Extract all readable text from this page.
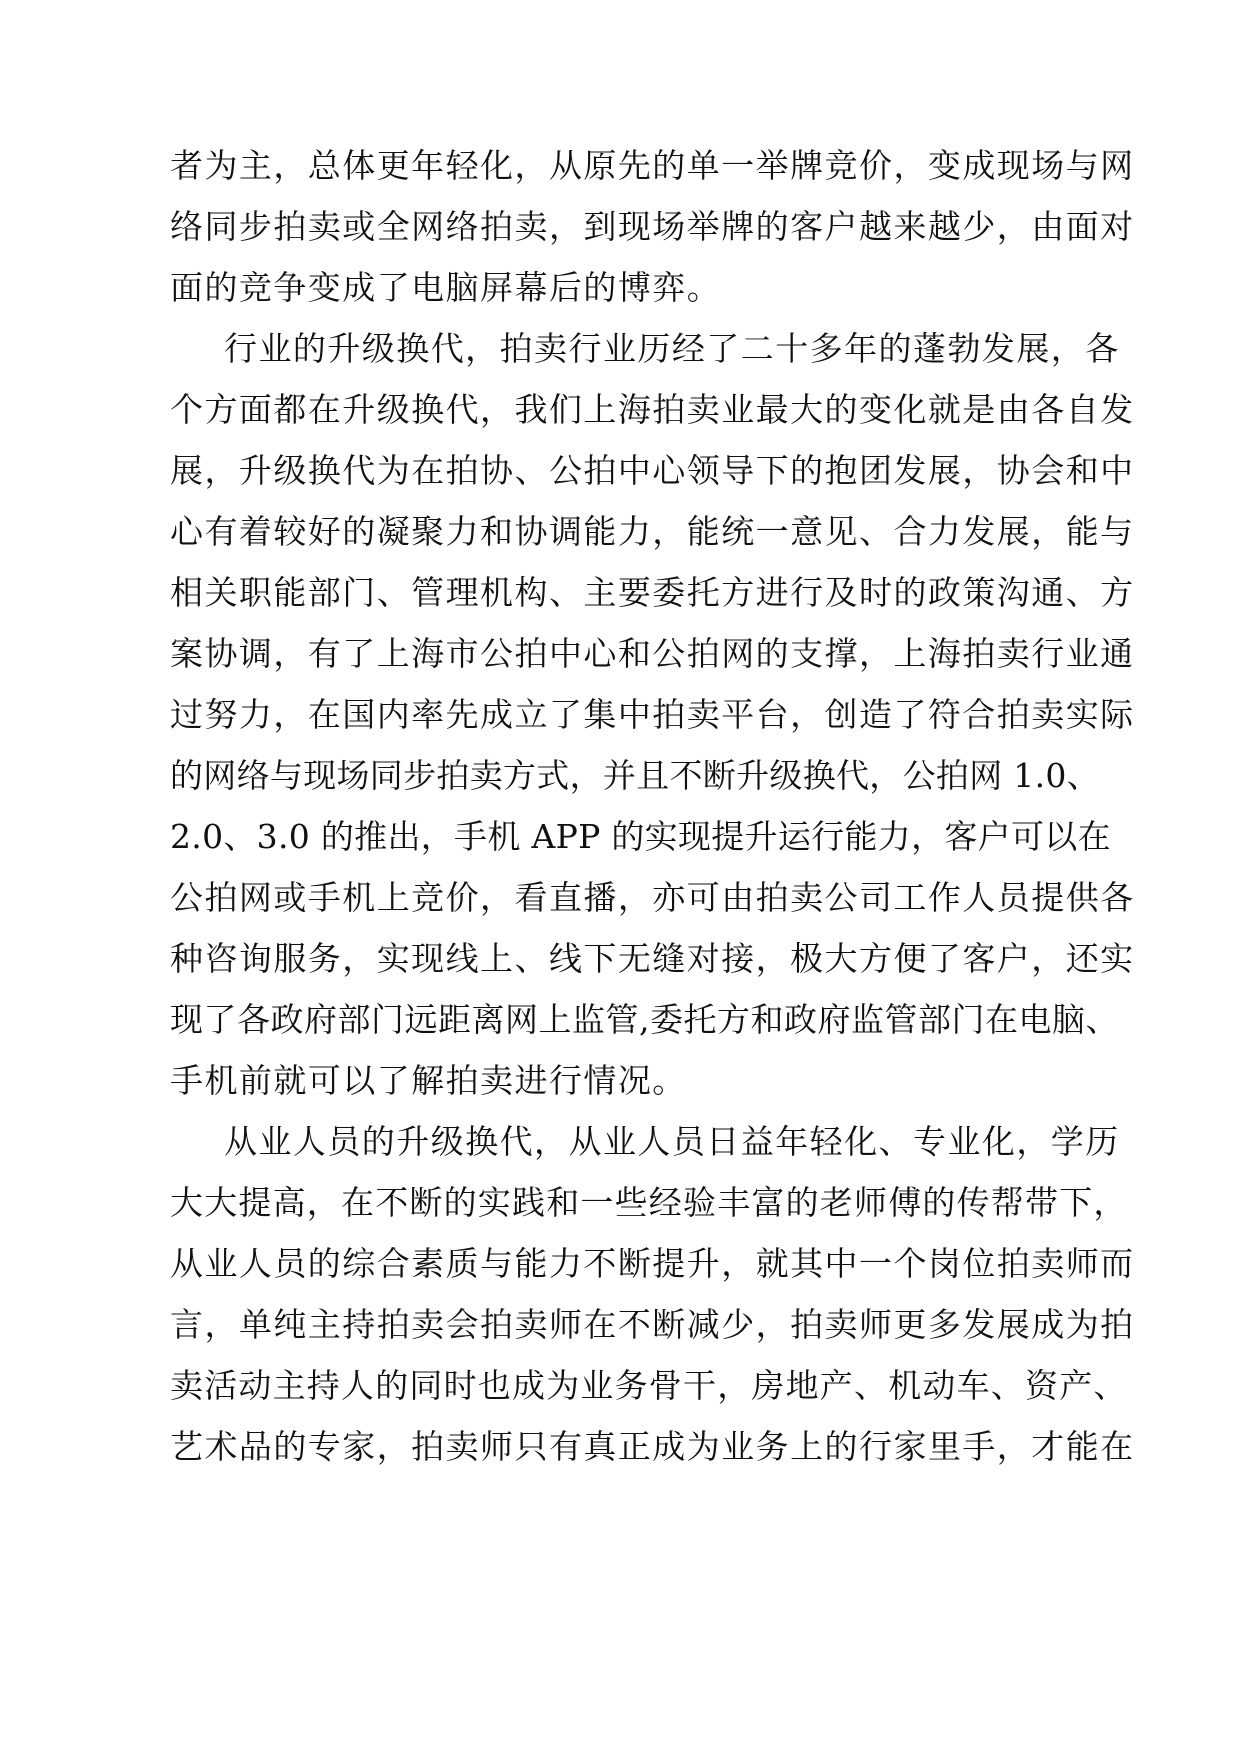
者为主，总体更年轻化，从原先的单一举牌竞价，变成现场与网
络同步拍卖或全网络拍卖，到现场举牌的客户越来越少，由面对
面的竞争变成了电脑屏幕后的博弈。
行业的升级换代，拍卖行业历经了二十多年的蓬勃发展，各
个方面都在升级换代，我们上海拍卖业最大的变化就是由各自发
展，升级换代为在拍协、公拍中心领导下的抱团发展，协会和中
心有着较好的凝聚力和协调能力，能统一意见、合力发展，能与
相关职能部门、管理机构、主要委托方进行及时的政策沟通、方
案协调，有了上海市公拍中心和公拍网的支撑，上海拍卖行业通
过努力，在国内率先成立了集中拍卖平台，创造了符合拍卖实际
的网络与现场同步拍卖方式，并且不断升级换代，公拍网 1.0、
2.0、3.0 的推出，手机 APP 的实现提升运行能力，客户可以在
公拍网或手机上竞价，看直播，亦可由拍卖公司工作人员提供各
种咨询服务，实现线上、线下无缝对接，极大方便了客户，还实
现了各政府部门远距离网上监管,委托方和政府监管部门在电脑、
手机前就可以了解拍卖进行情况。
从业人员的升级换代，从业人员日益年轻化、专业化，学历
大大提高，在不断的实践和一些经验丰富的老师傅的传帮带下，
从业人员的综合素质与能力不断提升，就其中一个岗位拍卖师而
言，单纯主持拍卖会拍卖师在不断减少，拍卖师更多发展成为拍
卖活动主持人的同时也成为业务骨干，房地产、机动车、资产、
艺术品的专家，拍卖师只有真正成为业务上的行家里手，才能在
